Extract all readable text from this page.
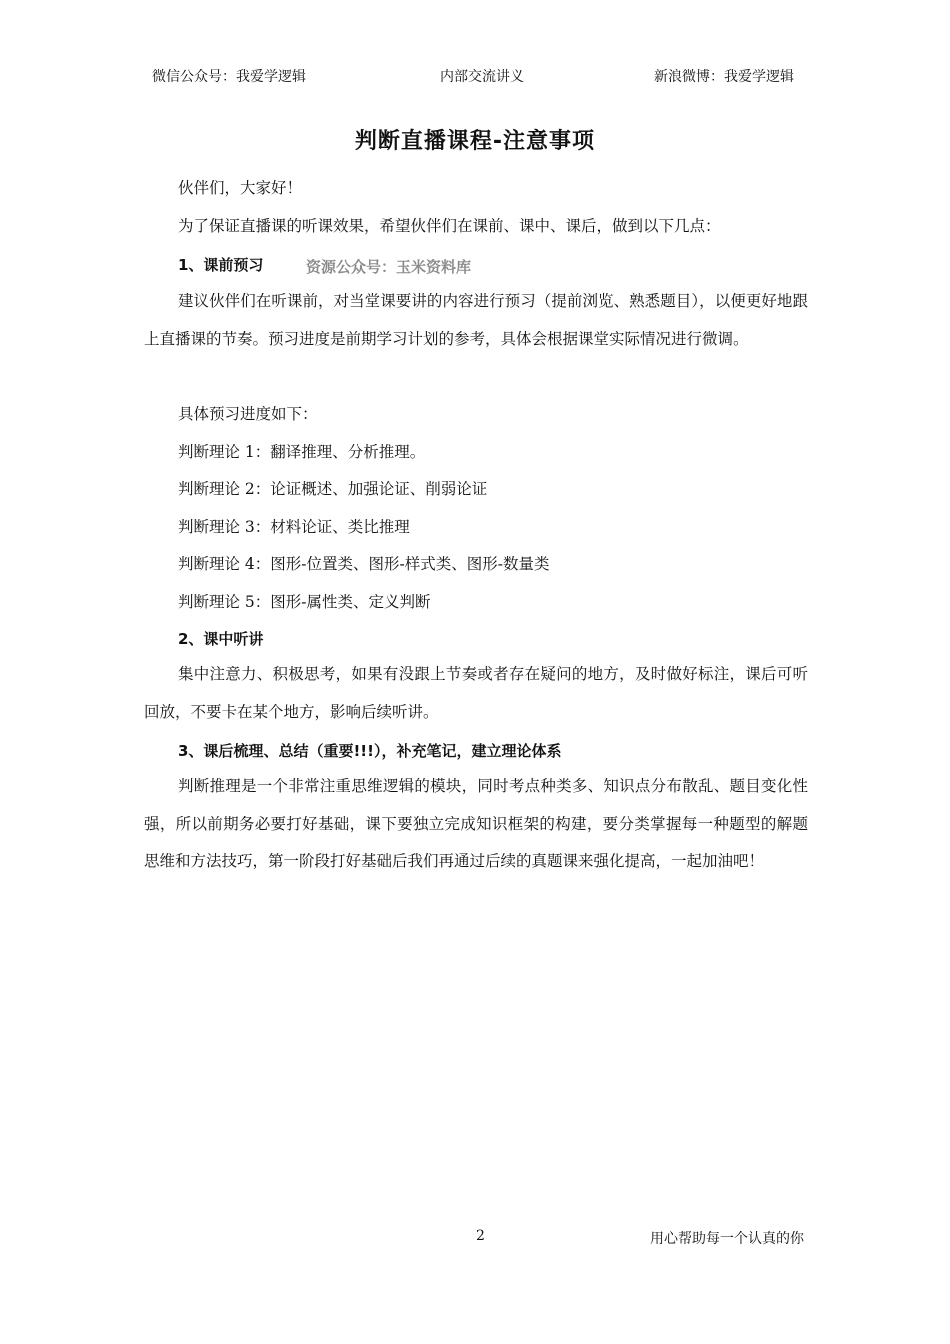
微信公众号：我爱学逻辑	内部交流讲义	新浪微博：我爱学逻辑
判断直播课程-注意事项
伙伴们，大家好！
为了保证直播课的听课效果，希望伙伴们在课前、课中、课后，做到以下几点：
1、课前预习	资源公众号：玉米资料库
建议伙伴们在听课前，对当堂课要讲的内容进行预习（提前浏览、熟悉题目），以便更好地跟上直播课的节奏。预习进度是前期学习计划的参考，具体会根据课堂实际情况进行微调。
具体预习进度如下：
判断理论 1：翻译推理、分析推理。
判断理论 2：论证概述、加强论证、削弱论证
判断理论 3：材料论证、类比推理
判断理论 4：图形-位置类、图形-样式类、图形-数量类
判断理论 5：图形-属性类、定义判断
2、课中听讲
集中注意力、积极思考，如果有没跟上节奏或者存在疑问的地方，及时做好标注，课后可听回放，不要卡在某个地方，影响后续听讲。
3、课后梳理、总结（重要!!!），补充笔记，建立理论体系
判断推理是一个非常注重思维逻辑的模块，同时考点种类多、知识点分布散乱、题目变化性强，所以前期务必要打好基础，课下要独立完成知识框架的构建，要分类掌握每一种题型的解题思维和方法技巧，第一阶段打好基础后我们再通过后续的真题课来强化提高，一起加油吧！
2	用心帮助每一个认真的你
